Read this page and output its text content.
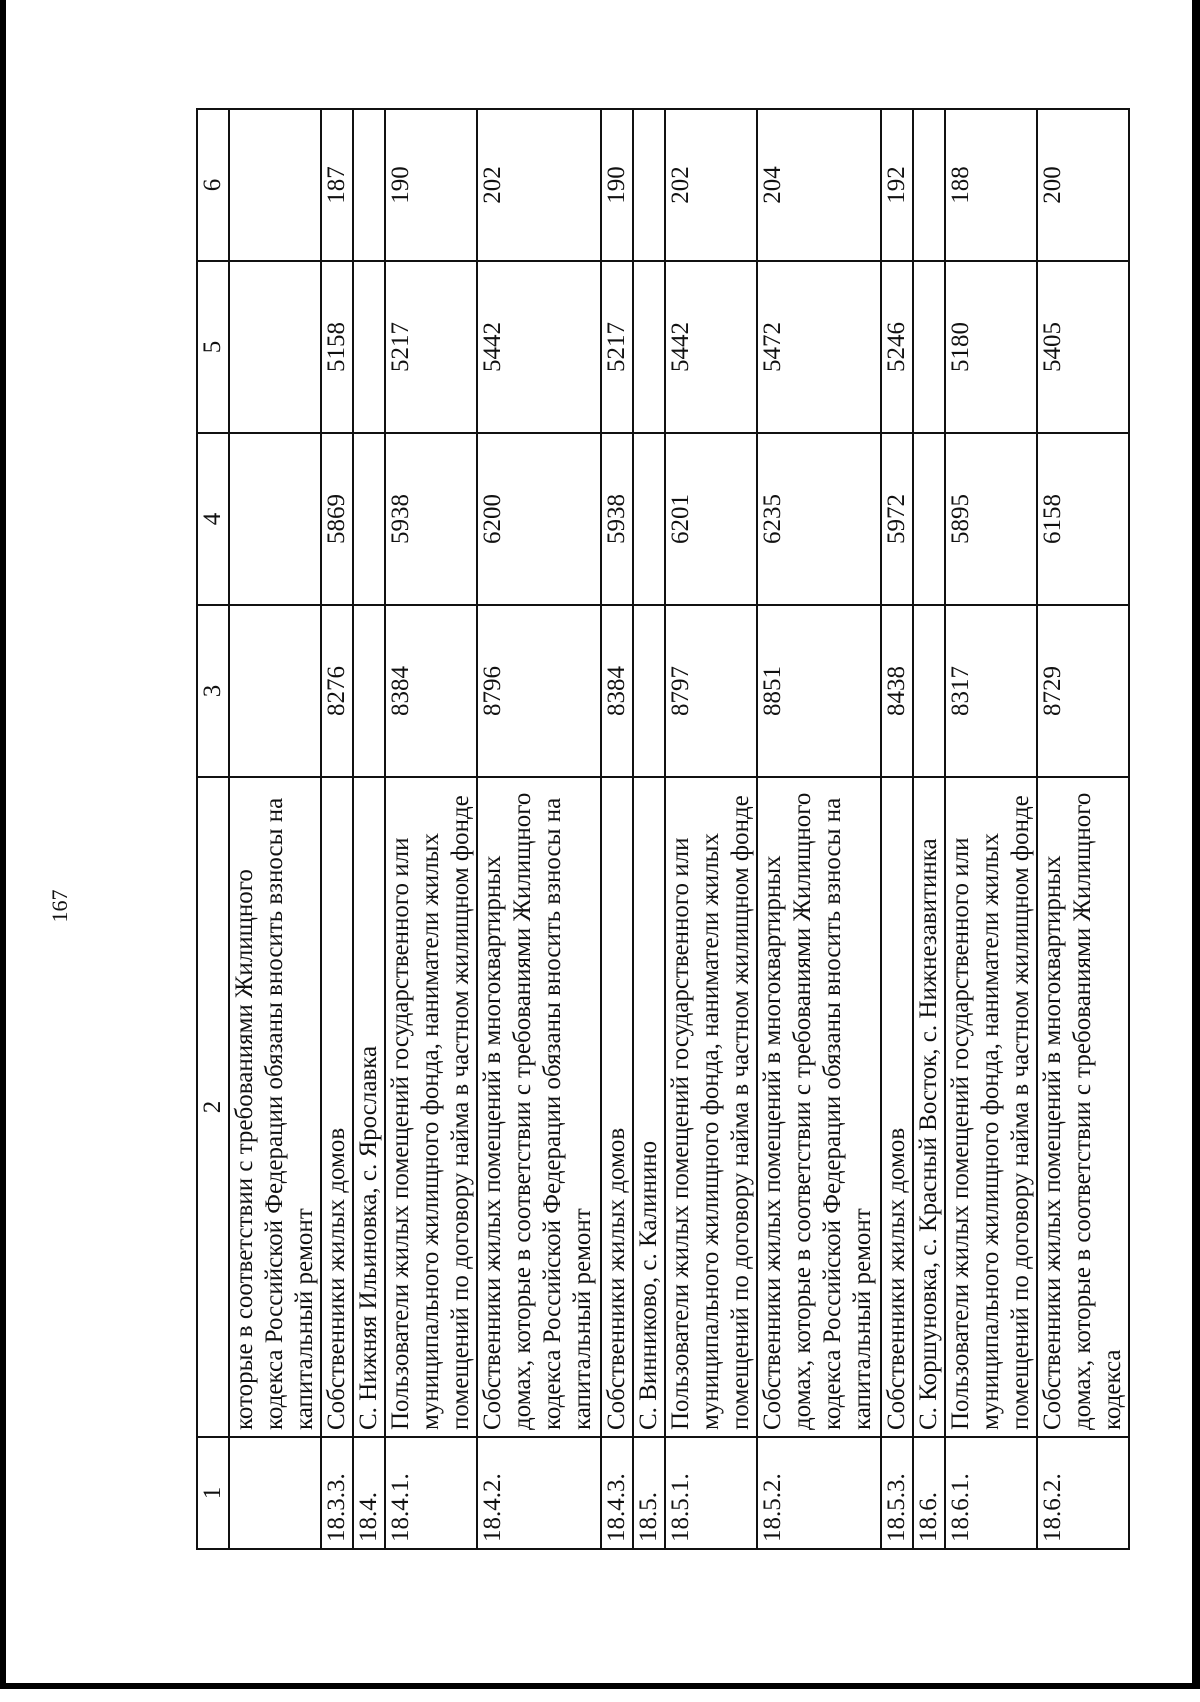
167
1	2	3	4	5	6
	которые в соответствии с требованиями Жилищного кодекса Российской Федерации обязаны вносить взносы на капитальный ремонт				
18.3.3.	Собственники жилых домов	8276	5869	5158	187
18.4.	С. Нижняя Ильиновка, с. Ярославка				
18.4.1.	Пользователи жилых помещений государственного или муниципального жилищного фонда, наниматели жилых помещений по договору найма в частном жилищном фонде	8384	5938	5217	190
18.4.2.	Собственники жилых помещений в многоквартирных домах, которые в соответствии с требованиями Жилищного кодекса Российской Федерации обязаны вносить взносы на капитальный ремонт	8796	6200	5442	202
18.4.3.	Собственники жилых домов	8384	5938	5217	190
18.5.	С. Винниково, с. Калинино				
18.5.1.	Пользователи жилых помещений государственного или муниципального жилищного фонда, наниматели жилых помещений по договору найма в частном жилищном фонде	8797	6201	5442	202
18.5.2.	Собственники жилых помещений в многоквартирных домах, которые в соответствии с требованиями Жилищного кодекса Российской Федерации обязаны вносить взносы на капитальный ремонт	8851	6235	5472	204
18.5.3.	Собственники жилых домов	8438	5972	5246	192
18.6.	С. Коршуновка, с. Красный Восток, с. Нижнезавитинка				
18.6.1.	Пользователи жилых помещений государственного или муниципального жилищного фонда, наниматели жилых помещений по договору найма в частном жилищном фонде	8317	5895	5180	188
18.6.2.	Собственники жилых помещений в многоквартирных домах, которые в соответствии с требованиями Жилищного кодекса	8729	6158	5405	200
